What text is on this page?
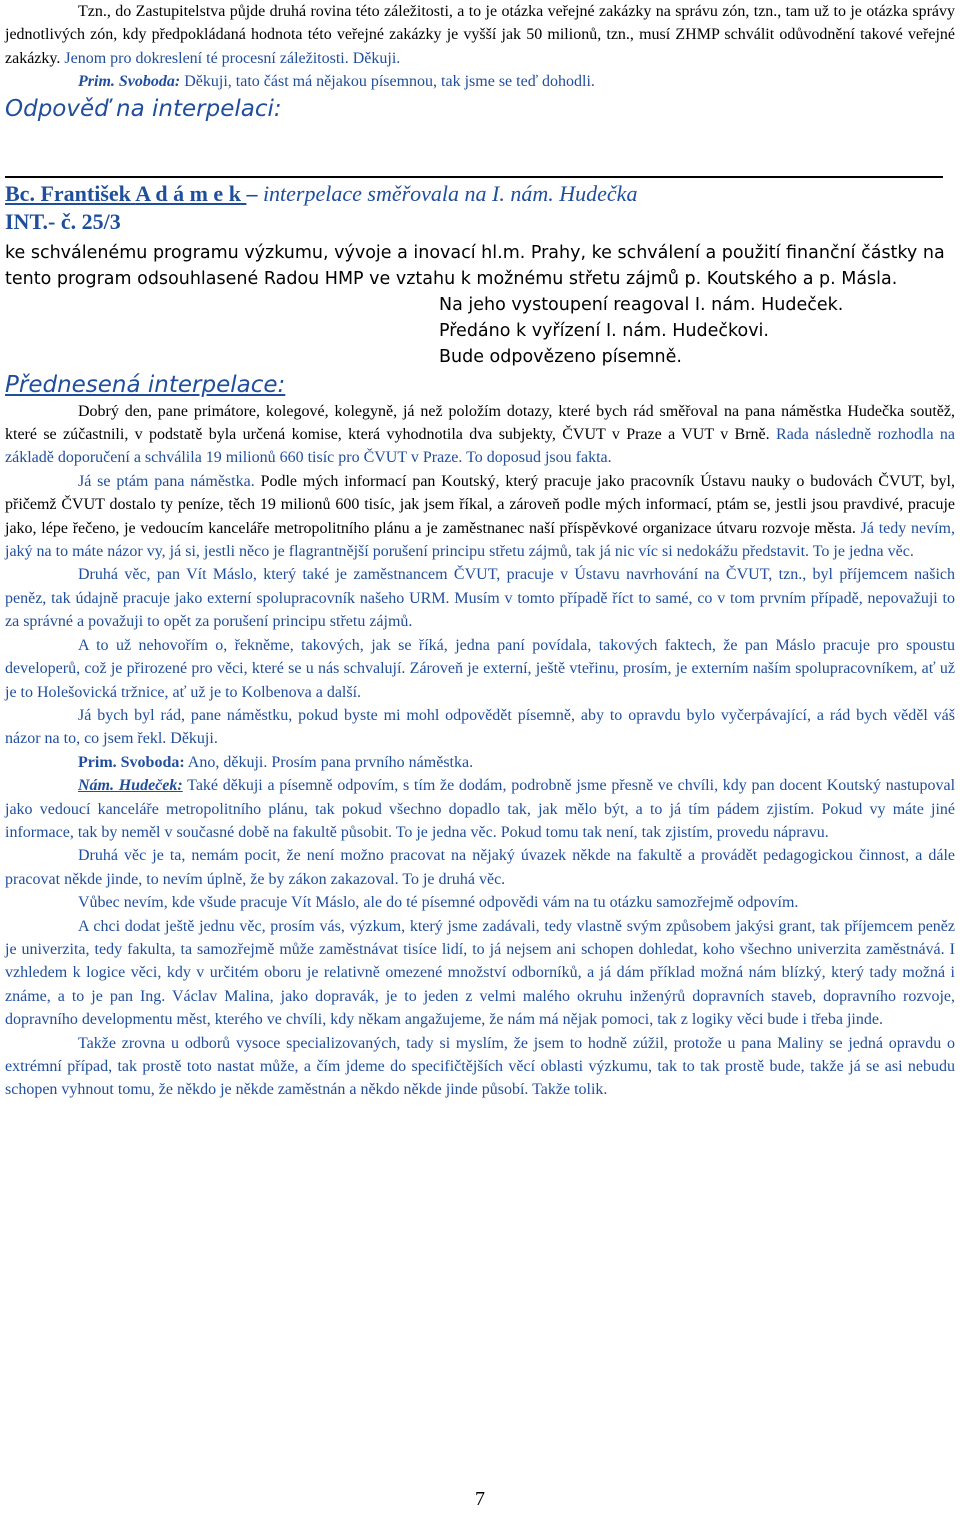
Tzn., do Zastupitelstva půjde druhá rovina této záležitosti, a to je otázka veřejné zakázky na správu zón, tzn., tam už to je otázka správy jednotlivých zón, kdy předpokládaná hodnota této veřejné zakázky je vyšší jak 50 milionů, tzn., musí ZHMP schválit odůvodnění takové veřejné zakázky. Jenom pro dokreslení té procesní záležitosti. Děkuji.

Prim. Svoboda: Děkuji, tato část má nějakou písemnou, tak jsme se teď dohodli.

Odpověď na interpelaci:

Bc. František A d á m e k – interpelace směřovala na I. nám. Hudečka

INT.- č. 25/3

ke schválenému programu výzkumu, vývoje a inovací hl.m. Prahy, ke schválení a použití finanční částky na tento program odsouhlasené Radou HMP ve vztahu k možnému střetu zájmů p. Koutského a p. Másla.

Na jeho vystoupení reagoval I. nám. Hudeček.

Předáno k vyřízení I. nám. Hudečkovi.

Bude odpovězeno písemně.

Přednesená interpelace:

Dobrý den, pane primátore, kolegové, kolegyně, já než položím dotazy, které bych rád směřoval na pana náměstka Hudečka soutěž, které se zúčastnili, v podstatě byla určená komise, která vyhodnotila dva subjekty, ČVUT v Praze a VUT v Brně. Rada následně rozhodla na základě doporučení a schválila 19 milionů 660 tisíc pro ČVUT v Praze. To doposud jsou fakta.

Já se ptám pana náměstka. Podle mých informací pan Koutský, který pracuje jako pracovník Ústavu nauky o budovách ČVUT, byl, přičemž ČVUT dostalo ty peníze, těch 19 milionů 600 tisíc, jak jsem říkal, a zároveň podle mých informací, ptám se, jestli jsou pravdivé, pracuje jako, lépe řečeno, je vedoucím kanceláře metropolitního plánu a je zaměstnanec naší příspěvkové organizace útvaru rozvoje města. Já tedy nevím, jaký na to máte názor vy, já si, jestli něco je flagrantnější porušení principu střetu zájmů, tak já nic víc si nedokážu představit. To je jedna věc.

Druhá věc, pan Vít Máslo, který také je zaměstnancem ČVUT, pracuje v Ústavu navrhování na ČVUT, tzn., byl příjemcem našich peněz, tak údajně pracuje jako externí spolupracovník našeho URM. Musím v tomto případě říct to samé, co v tom prvním případě, nepovažuji to za správné a považuji to opět za porušení principu střetu zájmů.

A to už nehovořím o, řekněme, takových, jak se říká, jedna paní povídala, takových faktech, že pan Máslo pracuje pro spoustu developerů, což je přirozené pro věci, které se u nás schvalují. Zároveň je externí, ještě vteřinu, prosím, je externím naším spolupracovníkem, ať už je to Holešovická tržnice, ať už je to Kolbenova a další.

Já bych byl rád, pane náměstku, pokud byste mi mohl odpovědět písemně, aby to opravdu bylo vyčerpávající, a rád bych věděl váš názor na to, co jsem řekl. Děkuji.

Prim. Svoboda: Ano, děkuji. Prosím pana prvního náměstka.

Nám. Hudeček: Také děkuji a písemně odpovím, s tím že dodám, podrobně jsme přesně ve chvíli, kdy pan docent Koutský nastupoval jako vedoucí kanceláře metropolitního plánu, tak pokud všechno dopadlo tak, jak mělo být, a to já tím pádem zjistím. Pokud vy máte jiné informace, tak by neměl v současné době na fakultě působit. To je jedna věc. Pokud tomu tak není, tak zjistím, provedu nápravu.

Druhá věc je ta, nemám pocit, že není možno pracovat na nějaký úvazek někde na fakultě a provádět pedagogickou činnost, a dále pracovat někde jinde, to nevím úplně, že by zákon zakazoval. To je druhá věc.

Vůbec nevím, kde všude pracuje Vít Máslo, ale do té písemné odpovědi vám na tu otázku samozřejmě odpovím.

A chci dodat ještě jednu věc, prosím vás, výzkum, který jsme zadávali, tedy vlastně svým způsobem jakýsi grant, tak příjemcem peněz je univerzita, tedy fakulta, ta samozřejmě může zaměstnávat tisíce lidí, to já nejsem ani schopen dohledat, koho všechno univerzita zaměstnává. I vzhledem k logice věci, kdy v určitém oboru je relativně omezené množství odborníků, a já dám příklad možná nám blízký, který tady možná i známe, a to je pan Ing. Václav Malina, jako dopravák, je to jeden z velmi malého okruhu inženýrů dopravních staveb, dopravního rozvoje, dopravního developmentu měst, kterého ve chvíli, kdy někam angažujeme, že nám má nějak pomoci, tak z logiky věci bude i třeba jinde.

Takže zrovna u odborů vysoce specializovaných, tady si myslím, že jsem to hodně zúžil, protože u pana Maliny se jedná opravdu o extrémní případ, tak prostě toto nastat může, a čím jdeme do specifičtějších věcí oblasti výzkumu, tak to tak prostě bude, takže já se asi nebudu schopen vyhnout tomu, že někdo je někde zaměstnán a někdo někde jinde působí. Takže tolik.

7
